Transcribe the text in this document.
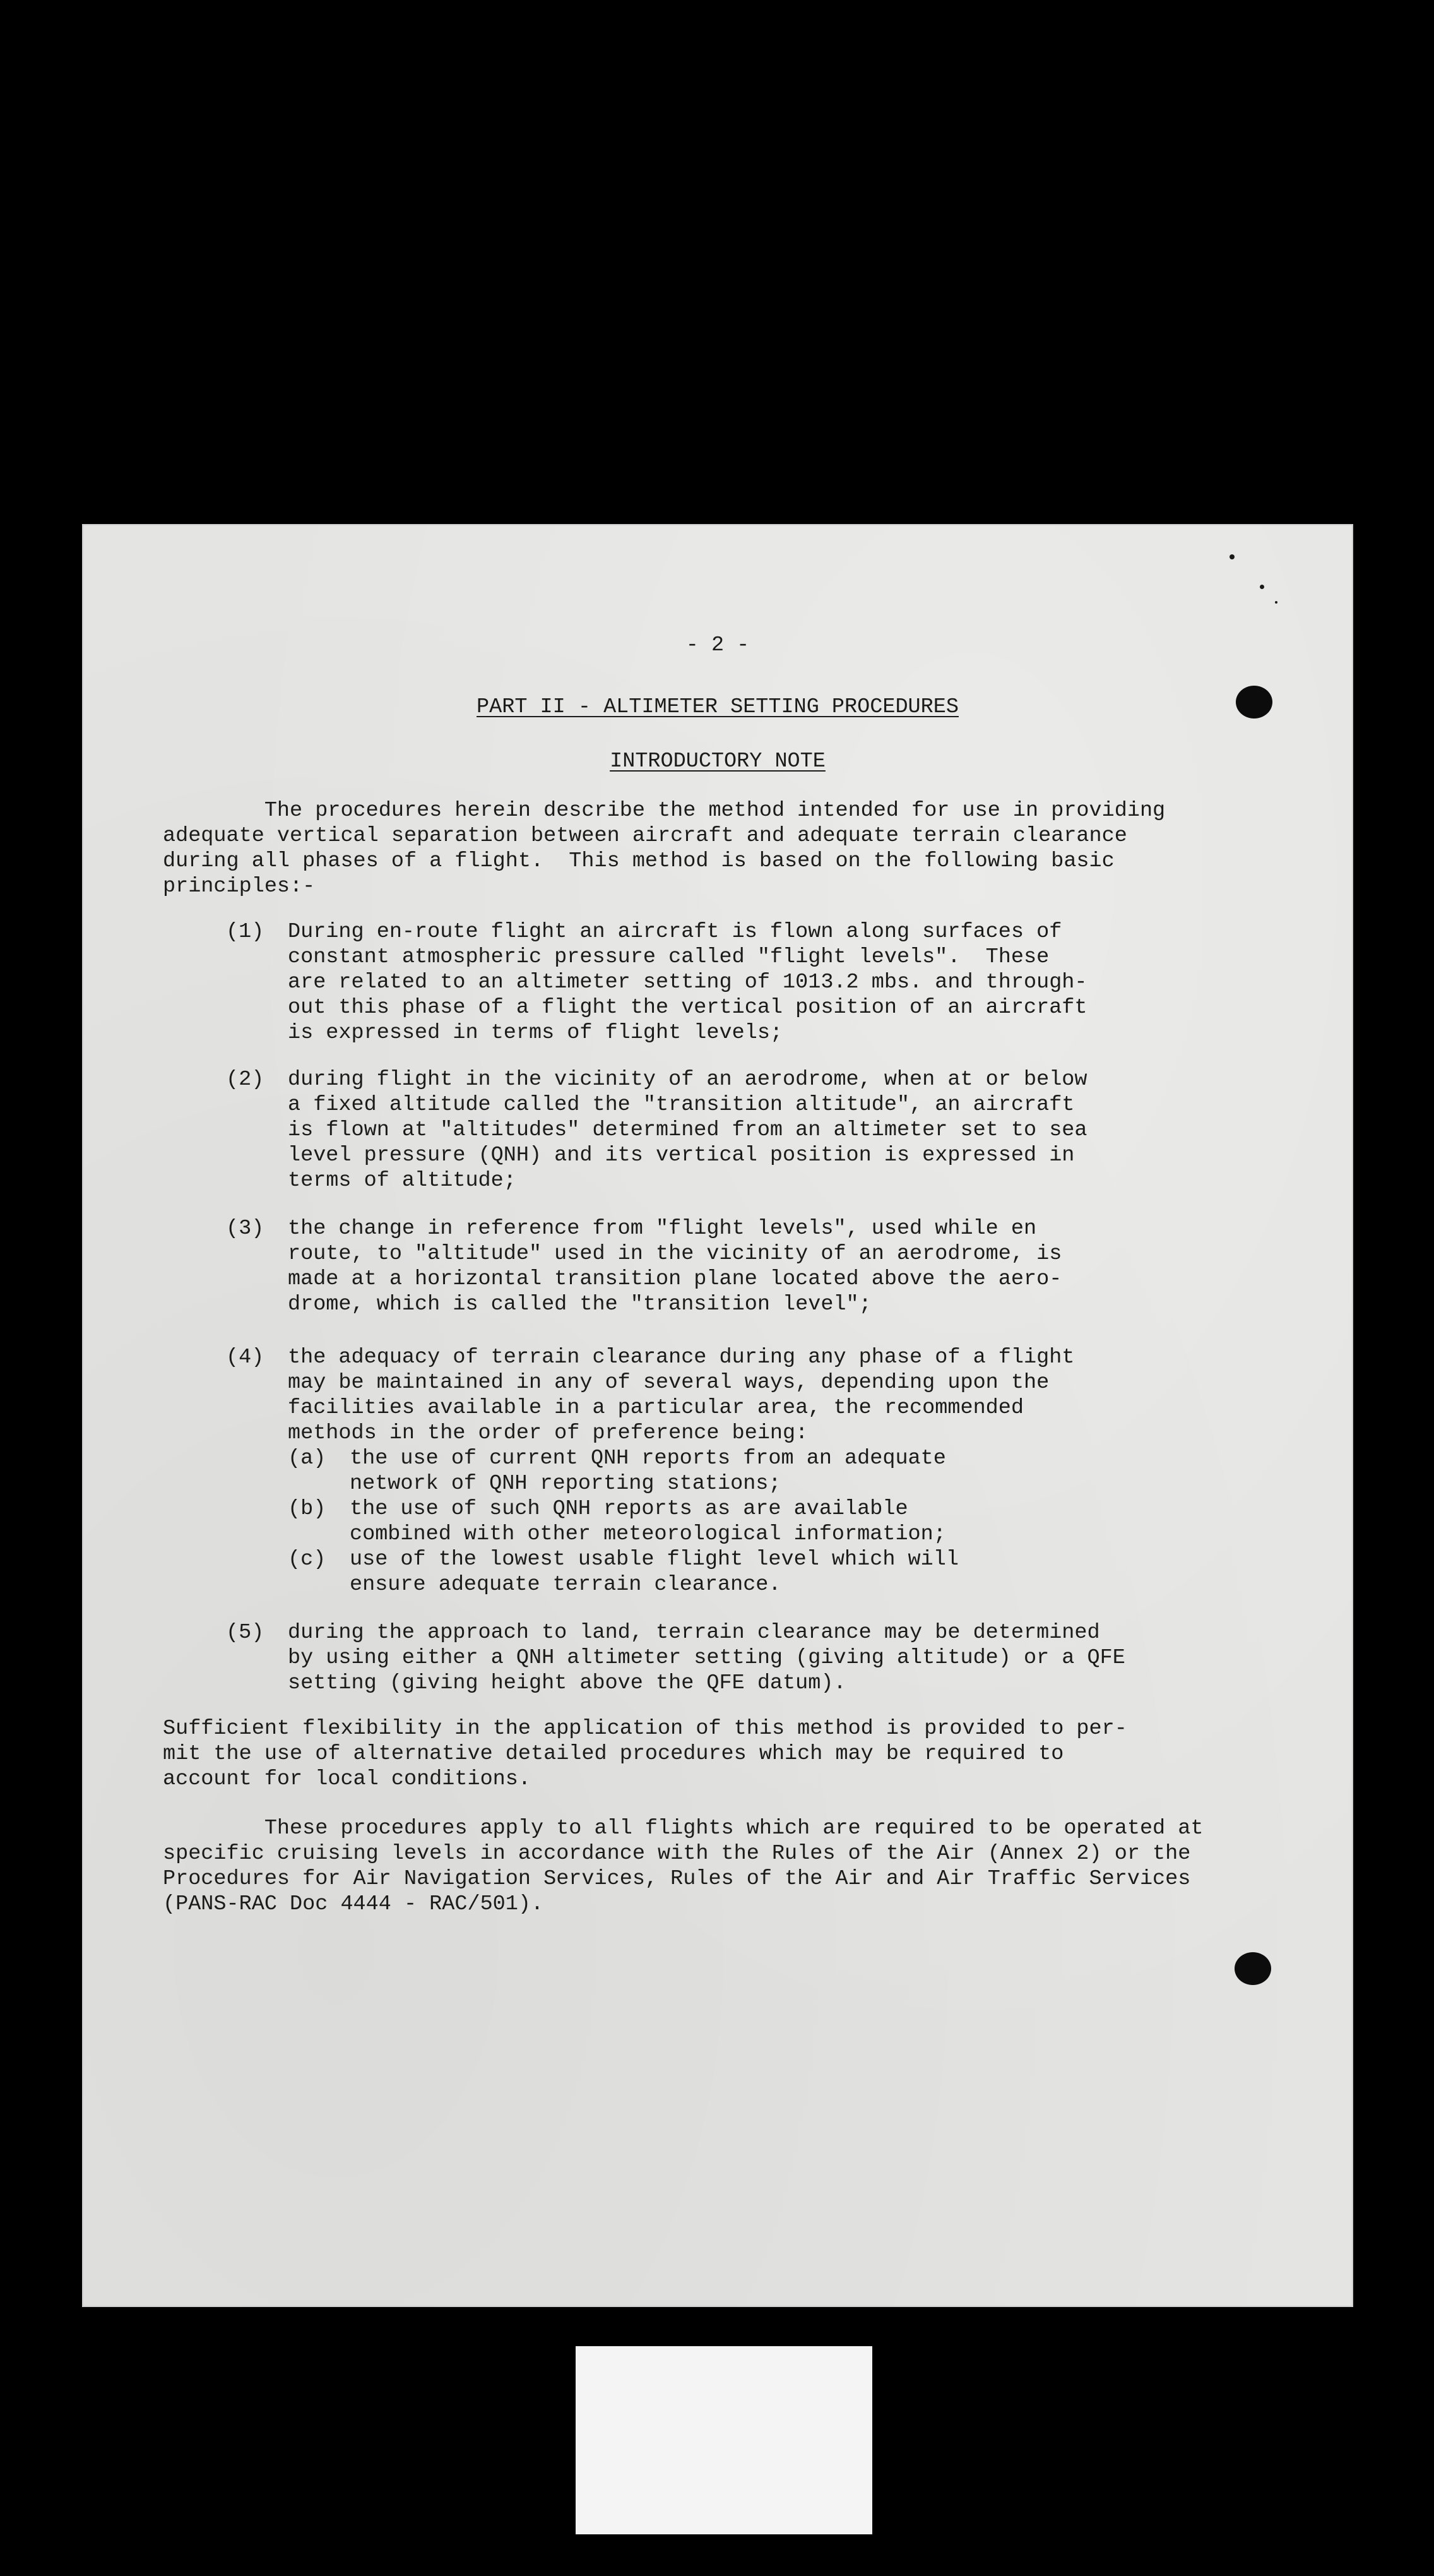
- 2 -
PART II - ALTIMETER SETTING PROCEDURES
INTRODUCTORY NOTE
The procedures herein describe the method intended for use in providing
adequate vertical separation between aircraft and adequate terrain clearance
during all phases of a flight.  This method is based on the following basic
principles:-
(1) During en-route flight an aircraft is flown along surfaces of
constant atmospheric pressure called "flight levels".  These
are related to an altimeter setting of 1013.2 mbs. and through-
out this phase of a flight the vertical position of an aircraft
is expressed in terms of flight levels;
(2) during flight in the vicinity of an aerodrome, when at or below
a fixed altitude called the "transition altitude", an aircraft
is flown at "altitudes" determined from an altimeter set to sea
level pressure (QNH) and its vertical position is expressed in
terms of altitude;
(3) the change in reference from "flight levels", used while en
route, to "altitude" used in the vicinity of an aerodrome, is
made at a horizontal transition plane located above the aero-
drome, which is called the "transition level";
(4) the adequacy of terrain clearance during any phase of a flight
may be maintained in any of several ways, depending upon the
facilities available in a particular area, the recommended
methods in the order of preference being:
(a) the use of current QNH reports from an adequate
network of QNH reporting stations;
(b) the use of such QNH reports as are available
combined with other meteorological information;
(c) use of the lowest usable flight level which will
ensure adequate terrain clearance.
(5) during the approach to land, terrain clearance may be determined
by using either a QNH altimeter setting (giving altitude) or a QFE
setting (giving height above the QFE datum).
Sufficient flexibility in the application of this method is provided to per-
mit the use of alternative detailed procedures which may be required to
account for local conditions.
These procedures apply to all flights which are required to be operated at
specific cruising levels in accordance with the Rules of the Air (Annex 2) or the
Procedures for Air Navigation Services, Rules of the Air and Air Traffic Services
(PANS-RAC Doc 4444 - RAC/501).
